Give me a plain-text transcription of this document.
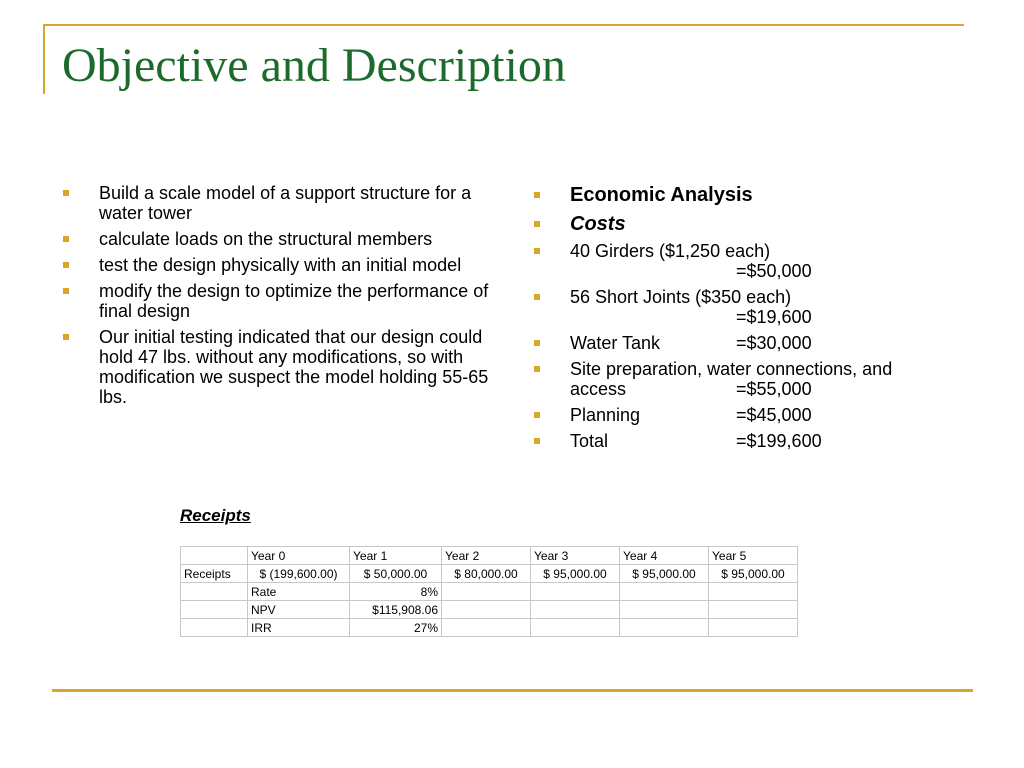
Objective and Description
Build a scale model of a support structure for a water tower
calculate loads on the structural members
test the design physically with an initial model
modify the design to optimize the performance of final design
Our initial testing indicated that our design could hold 47 lbs. without any modifications, so with modification we suspect the model holding 55-65 lbs.
Economic Analysis
Costs
40 Girders ($1,250 each)
=$50,000
56 Short Joints ($350 each)
=$19,600
Water Tank	=$30,000
Site preparation, water connections, and
access	=$55,000
Planning	=$45,000
Total	=$199,600

Receipts

	Year 0	Year 1	Year 2	Year 3	Year 4	Year 5
Receipts	$ (199,600.00)	$ 50,000.00	$ 80,000.00	$ 95,000.00	$ 95,000.00	$ 95,000.00
	Rate	8%				
	NPV	$115,908.06				
	IRR	27%				
